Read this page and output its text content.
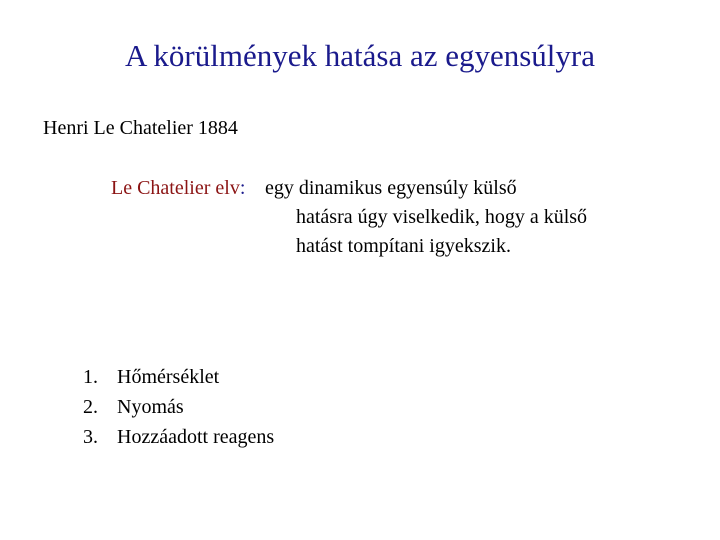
A körülmények hatása az egyensúlyra
Henri Le Chatelier 1884
Le Chatelier elv: egy dinamikus egyensúly külső
hatásra úgy viselkedik, hogy a külső
hatást tompítani igyekszik.
1. Hőmérséklet
2. Nyomás
3. Hozzáadott reagens
